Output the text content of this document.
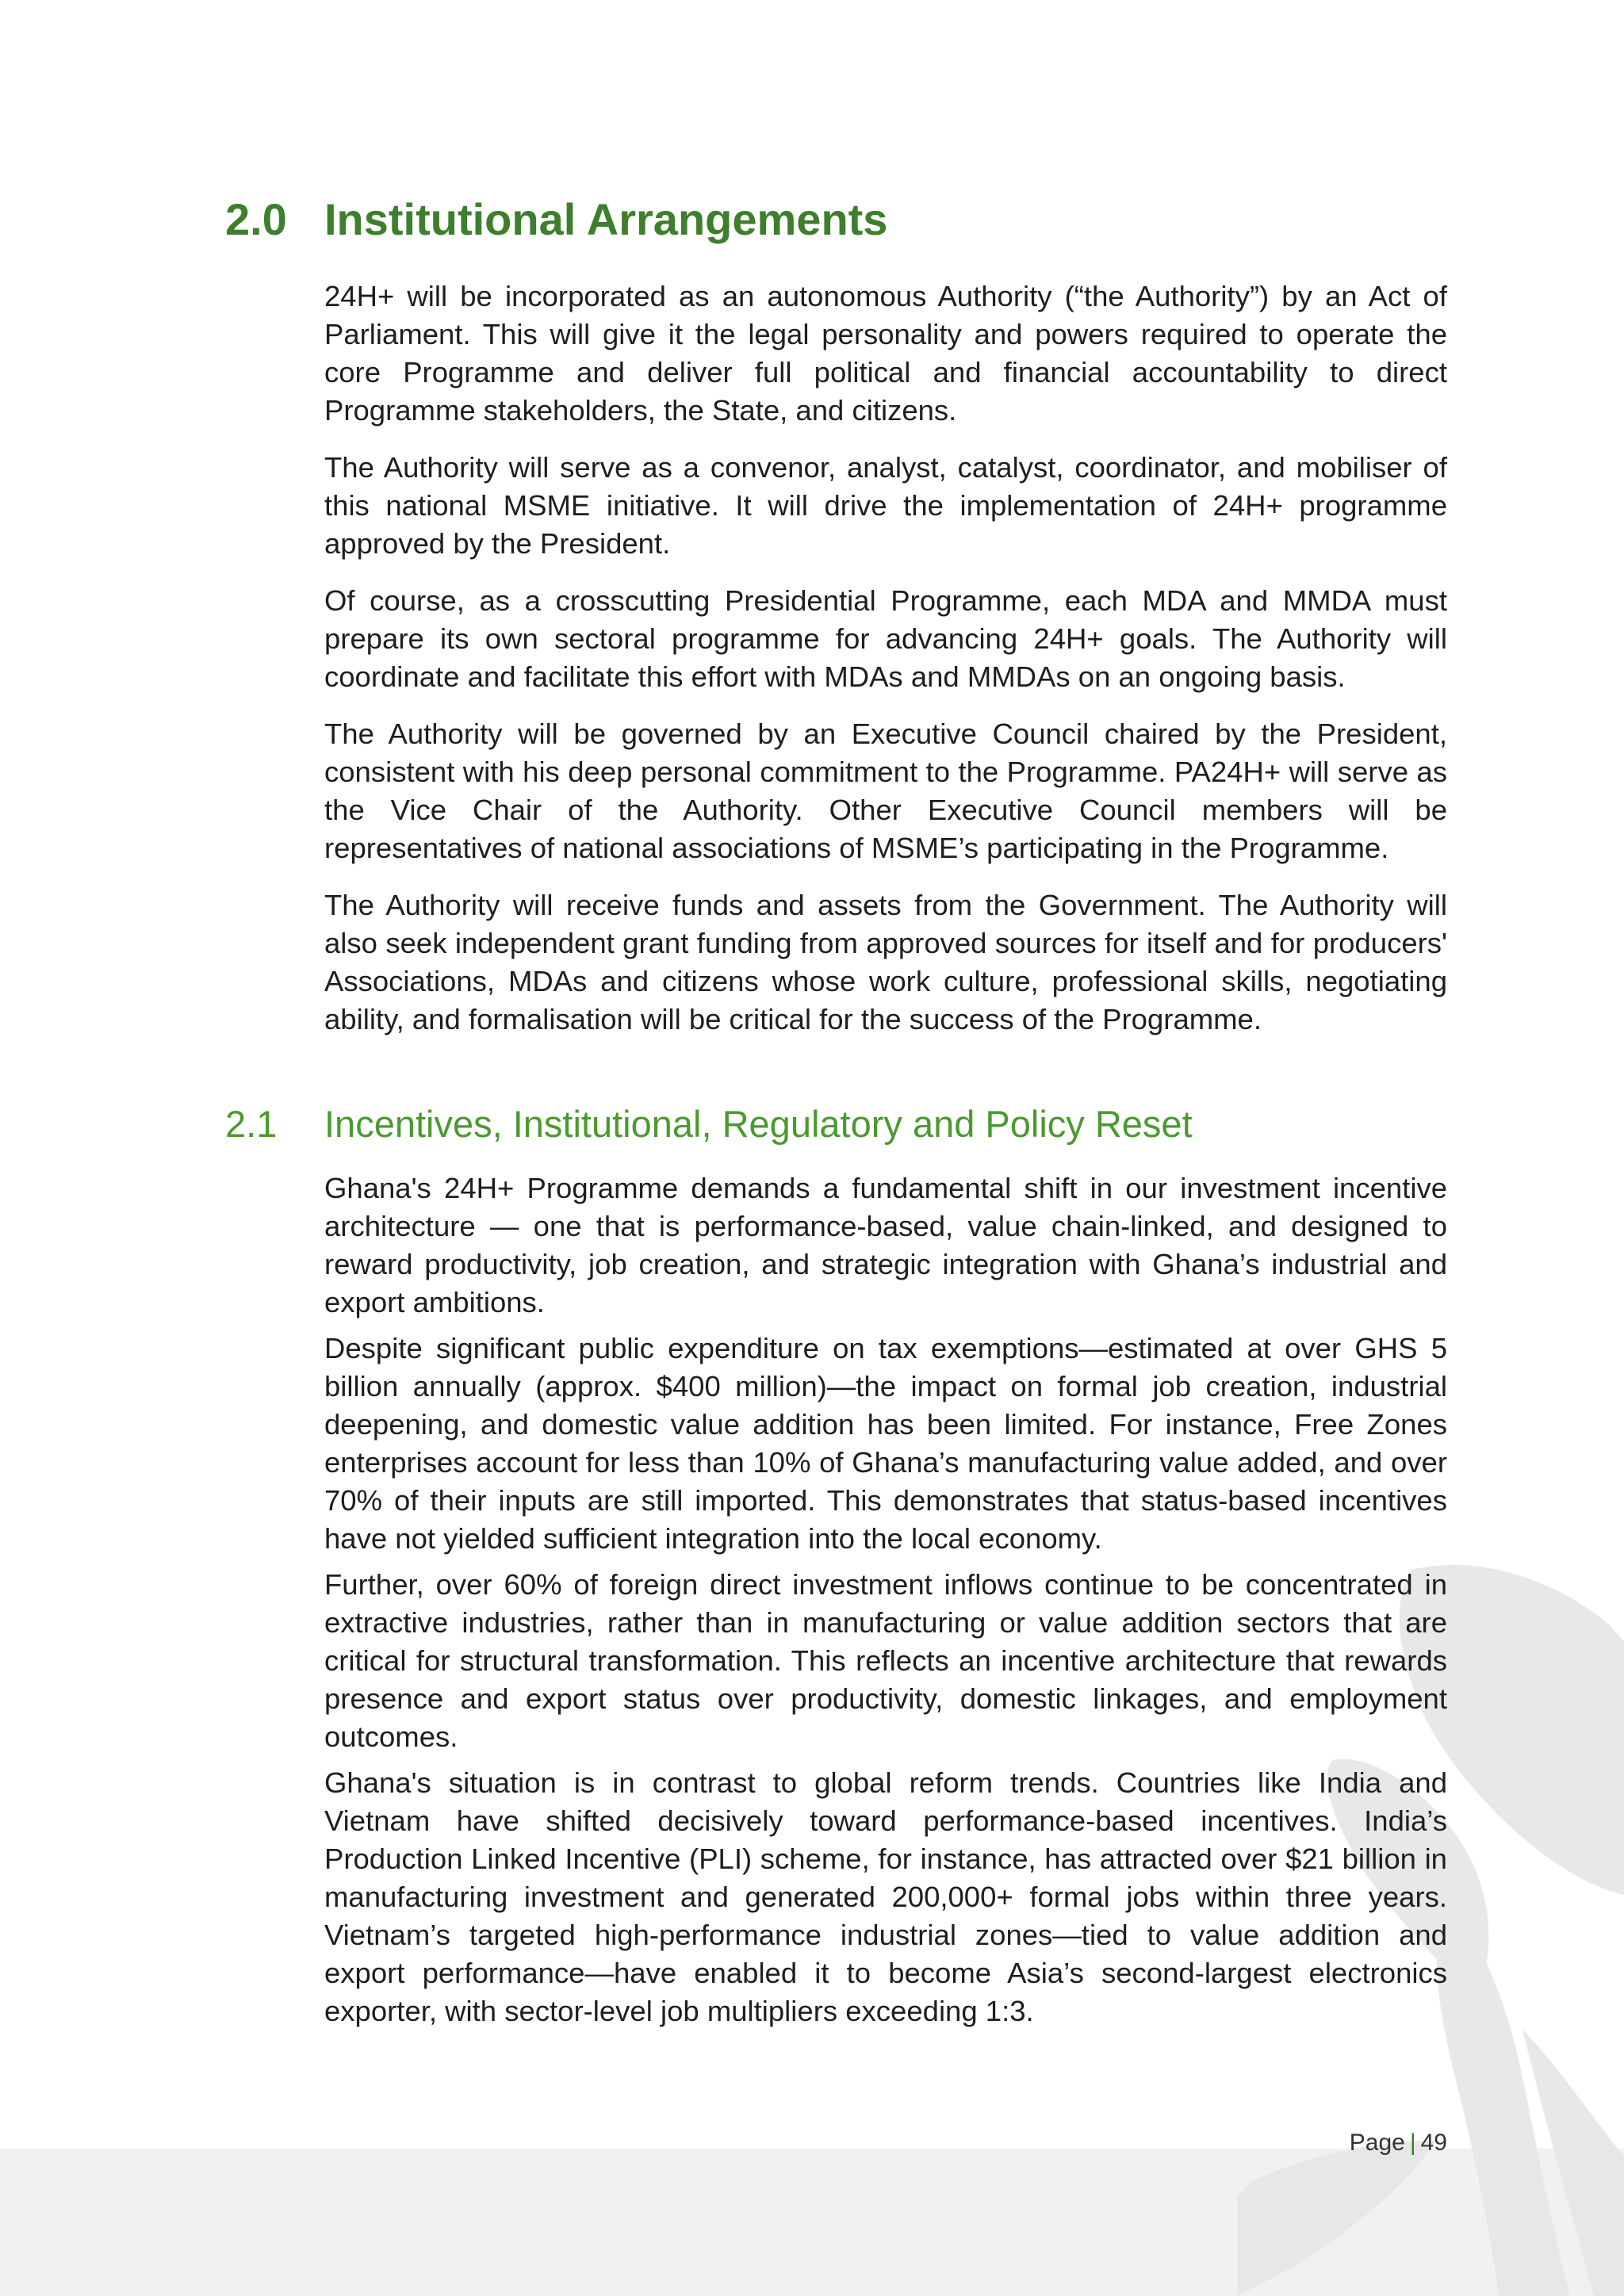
2.0 Institutional Arrangements

24H+ will be incorporated as an autonomous Authority (“the Authority”) by an Act of Parliament. This will give it the legal personality and powers required to operate the core Programme and deliver full political and financial accountability to direct Programme stakeholders, the State, and citizens.

The Authority will serve as a convenor, analyst, catalyst, coordinator, and mobiliser of this national MSME initiative. It will drive the implementation of 24H+ programme approved by the President.

Of course, as a crosscutting Presidential Programme, each MDA and MMDA must prepare its own sectoral programme for advancing 24H+ goals. The Authority will coordinate and facilitate this effort with MDAs and MMDAs on an ongoing basis.

The Authority will be governed by an Executive Council chaired by the President, consistent with his deep personal commitment to the Programme. PA24H+ will serve as the Vice Chair of the Authority. Other Executive Council members will be representatives of national associations of MSME’s participating in the Programme.

The Authority will receive funds and assets from the Government. The Authority will also seek independent grant funding from approved sources for itself and for producers' Associations, MDAs and citizens whose work culture, professional skills, negotiating ability, and formalisation will be critical for the success of the Programme.

2.1	Incentives, Institutional, Regulatory and Policy Reset

Ghana's 24H+ Programme demands a fundamental shift in our investment incentive architecture — one that is performance-based, value chain-linked, and designed to reward productivity, job creation, and strategic integration with Ghana’s industrial and export ambitions.

Despite significant public expenditure on tax exemptions—estimated at over GHS 5 billion annually (approx. $400 million)—the impact on formal job creation, industrial deepening, and domestic value addition has been limited. For instance, Free Zones enterprises account for less than 10% of Ghana’s manufacturing value added, and over 70% of their inputs are still imported. This demonstrates that status-based incentives have not yielded sufficient integration into the local economy.

Further, over 60% of foreign direct investment inflows continue to be concentrated in extractive industries, rather than in manufacturing or value addition sectors that are critical for structural transformation. This reflects an incentive architecture that rewards presence and export status over productivity, domestic linkages, and employment outcomes.

Ghana's situation is in contrast to global reform trends. Countries like India and Vietnam have shifted decisively toward performance-based incentives. India’s Production Linked Incentive (PLI) scheme, for instance, has attracted over $21 billion in manufacturing investment and generated 200,000+ formal jobs within three years. Vietnam’s targeted high-performance industrial zones—tied to value addition and export performance—have enabled it to become Asia’s second-largest electronics exporter, with sector-level job multipliers exceeding 1:3.

Page | 49
